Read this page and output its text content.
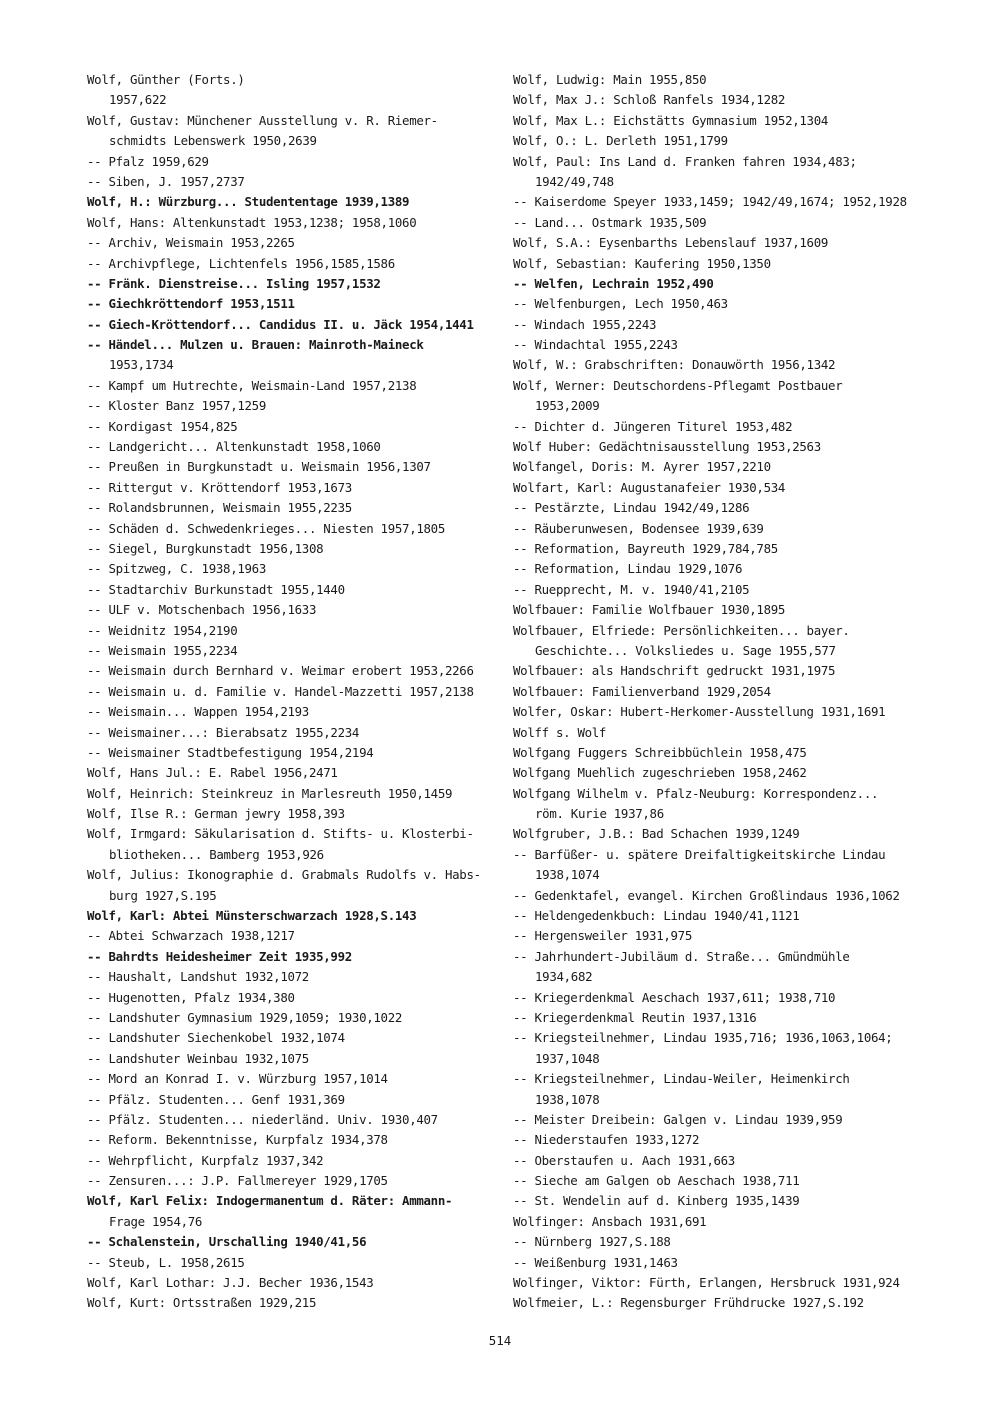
Wolf, Günther (Forts.)
1957,622
Wolf, Gustav: Münchener Ausstellung v. R. Riemer-
schmidts Lebenswerk 1950,2639
-- Pfalz 1959,629
-- Siben, J. 1957,2737
Wolf, H.: Würzburg... Studententage 1939,1389
Wolf, Hans: Altenkunstadt 1953,1238; 1958,1060
-- Archiv, Weismain 1953,2265
-- Archivpflege, Lichtenfels 1956,1585,1586
-- Fränk. Dienstreise... Isling 1957,1532
-- Giechkröttendorf 1953,1511
-- Giech-Kröttendorf... Candidus II. u. Jäck 1954,1441
-- Händel... Mulzen u. Brauen: Mainroth-Maineck
1953,1734
-- Kampf um Hutrechte, Weismain-Land 1957,2138
-- Kloster Banz 1957,1259
-- Kordigast 1954,825
-- Landgericht... Altenkunstadt 1958,1060
-- Preußen in Burgkunstadt u. Weismain 1956,1307
-- Rittergut v. Kröttendorf 1953,1673
-- Rolandsbrunnen, Weismain 1955,2235
-- Schäden d. Schwedenkrieges... Niesten 1957,1805
-- Siegel, Burgkunstadt 1956,1308
-- Spitzweg, C. 1938,1963
-- Stadtarchiv Burkunstadt 1955,1440
-- ULF v. Motschenbach 1956,1633
-- Weidnitz 1954,2190
-- Weismain 1955,2234
-- Weismain durch Bernhard v. Weimar erobert 1953,2266
-- Weismain u. d. Familie v. Handel-Mazzetti 1957,2138
-- Weismain... Wappen 1954,2193
-- Weismainer...: Bierabsatz 1955,2234
-- Weismainer Stadtbefestigung 1954,2194
Wolf, Hans Jul.: E. Rabel 1956,2471
Wolf, Heinrich: Steinkreuz in Marlesreuth 1950,1459
Wolf, Ilse R.: German jewry 1958,393
Wolf, Irmgard: Säkularisation d. Stifts- u. Klosterbi-
bliotheken... Bamberg 1953,926
Wolf, Julius: Ikonographie d. Grabmals Rudolfs v. Habs-
burg 1927,S.195
Wolf, Karl: Abtei Münsterschwarzach 1928,S.143
-- Abtei Schwarzach 1938,1217
-- Bahrdts Heidesheimer Zeit 1935,992
-- Haushalt, Landshut 1932,1072
-- Hugenotten, Pfalz 1934,380
-- Landshuter Gymnasium 1929,1059; 1930,1022
-- Landshuter Siechenkobel 1932,1074
-- Landshuter Weinbau 1932,1075
-- Mord an Konrad I. v. Würzburg 1957,1014
-- Pfälz. Studenten... Genf 1931,369
-- Pfälz. Studenten... niederländ. Univ. 1930,407
-- Reform. Bekenntnisse, Kurpfalz 1934,378
-- Wehrpflicht, Kurpfalz 1937,342
-- Zensuren...: J.P. Fallmereyer 1929,1705
Wolf, Karl Felix: Indogermanentum d. Räter: Ammann-
Frage 1954,76
-- Schalenstein, Urschalling 1940/41,56
-- Steub, L. 1958,2615
Wolf, Karl Lothar: J.J. Becher 1936,1543
Wolf, Kurt: Ortsstraßen 1929,215
Wolf, Ludwig: Main 1955,850
Wolf, Max J.: Schloß Ranfels 1934,1282
Wolf, Max L.: Eichstätts Gymnasium 1952,1304
Wolf, O.: L. Derleth 1951,1799
Wolf, Paul: Ins Land d. Franken fahren 1934,483;
1942/49,748
-- Kaiserdome Speyer 1933,1459; 1942/49,1674; 1952,1928
-- Land... Ostmark 1935,509
Wolf, S.A.: Eysenbarths Lebenslauf 1937,1609
Wolf, Sebastian: Kaufering 1950,1350
-- Welfen, Lechrain 1952,490
-- Welfenburgen, Lech 1950,463
-- Windach 1955,2243
-- Windachtal 1955,2243
Wolf, W.: Grabschriften: Donauwörth 1956,1342
Wolf, Werner: Deutschordens-Pflegamt Postbauer
1953,2009
-- Dichter d. Jüngeren Titurel 1953,482
Wolf Huber: Gedächtnisausstellung 1953,2563
Wolfangel, Doris: M. Ayrer 1957,2210
Wolfart, Karl: Augustanafeier 1930,534
-- Pestärzte, Lindau 1942/49,1286
-- Räuberunwesen, Bodensee 1939,639
-- Reformation, Bayreuth 1929,784,785
-- Reformation, Lindau 1929,1076
-- Ruepprecht, M. v. 1940/41,2105
Wolfbauer: Familie Wolfbauer 1930,1895
Wolfbauer, Elfriede: Persönlichkeiten... bayer.
Geschichte... Volksliedes u. Sage 1955,577
Wolfbauer: als Handschrift gedruckt 1931,1975
Wolfbauer: Familienverband 1929,2054
Wolfer, Oskar: Hubert-Herkomer-Ausstellung 1931,1691
Wolff s. Wolf
Wolfgang Fuggers Schreibbüchlein 1958,475
Wolfgang Muehlich zugeschrieben 1958,2462
Wolfgang Wilhelm v. Pfalz-Neuburg: Korrespondenz...
röm. Kurie 1937,86
Wolfgruber, J.B.: Bad Schachen 1939,1249
-- Barfüßer- u. spätere Dreifaltigkeitskirche Lindau
1938,1074
-- Gedenktafel, evangel. Kirchen Großlindaus 1936,1062
-- Heldengedenkbuch: Lindau 1940/41,1121
-- Hergensweiler 1931,975
-- Jahrhundert-Jubiläum d. Straße... Gmündmühle
1934,682
-- Kriegerdenkmal Aeschach 1937,611; 1938,710
-- Kriegerdenkmal Reutin 1937,1316
-- Kriegsteilnehmer, Lindau 1935,716; 1936,1063,1064;
1937,1048
-- Kriegsteilnehmer, Lindau-Weiler, Heimenkirch
1938,1078
-- Meister Dreibein: Galgen v. Lindau 1939,959
-- Niederstaufen 1933,1272
-- Oberstaufen u. Aach 1931,663
-- Sieche am Galgen ob Aeschach 1938,711
-- St. Wendelin auf d. Kinberg 1935,1439
Wolfinger: Ansbach 1931,691
-- Nürnberg 1927,S.188
-- Weißenburg 1931,1463
Wolfinger, Viktor: Fürth, Erlangen, Hersbruck 1931,924
Wolfmeier, L.: Regensburger Frühdrucke 1927,S.192
514
